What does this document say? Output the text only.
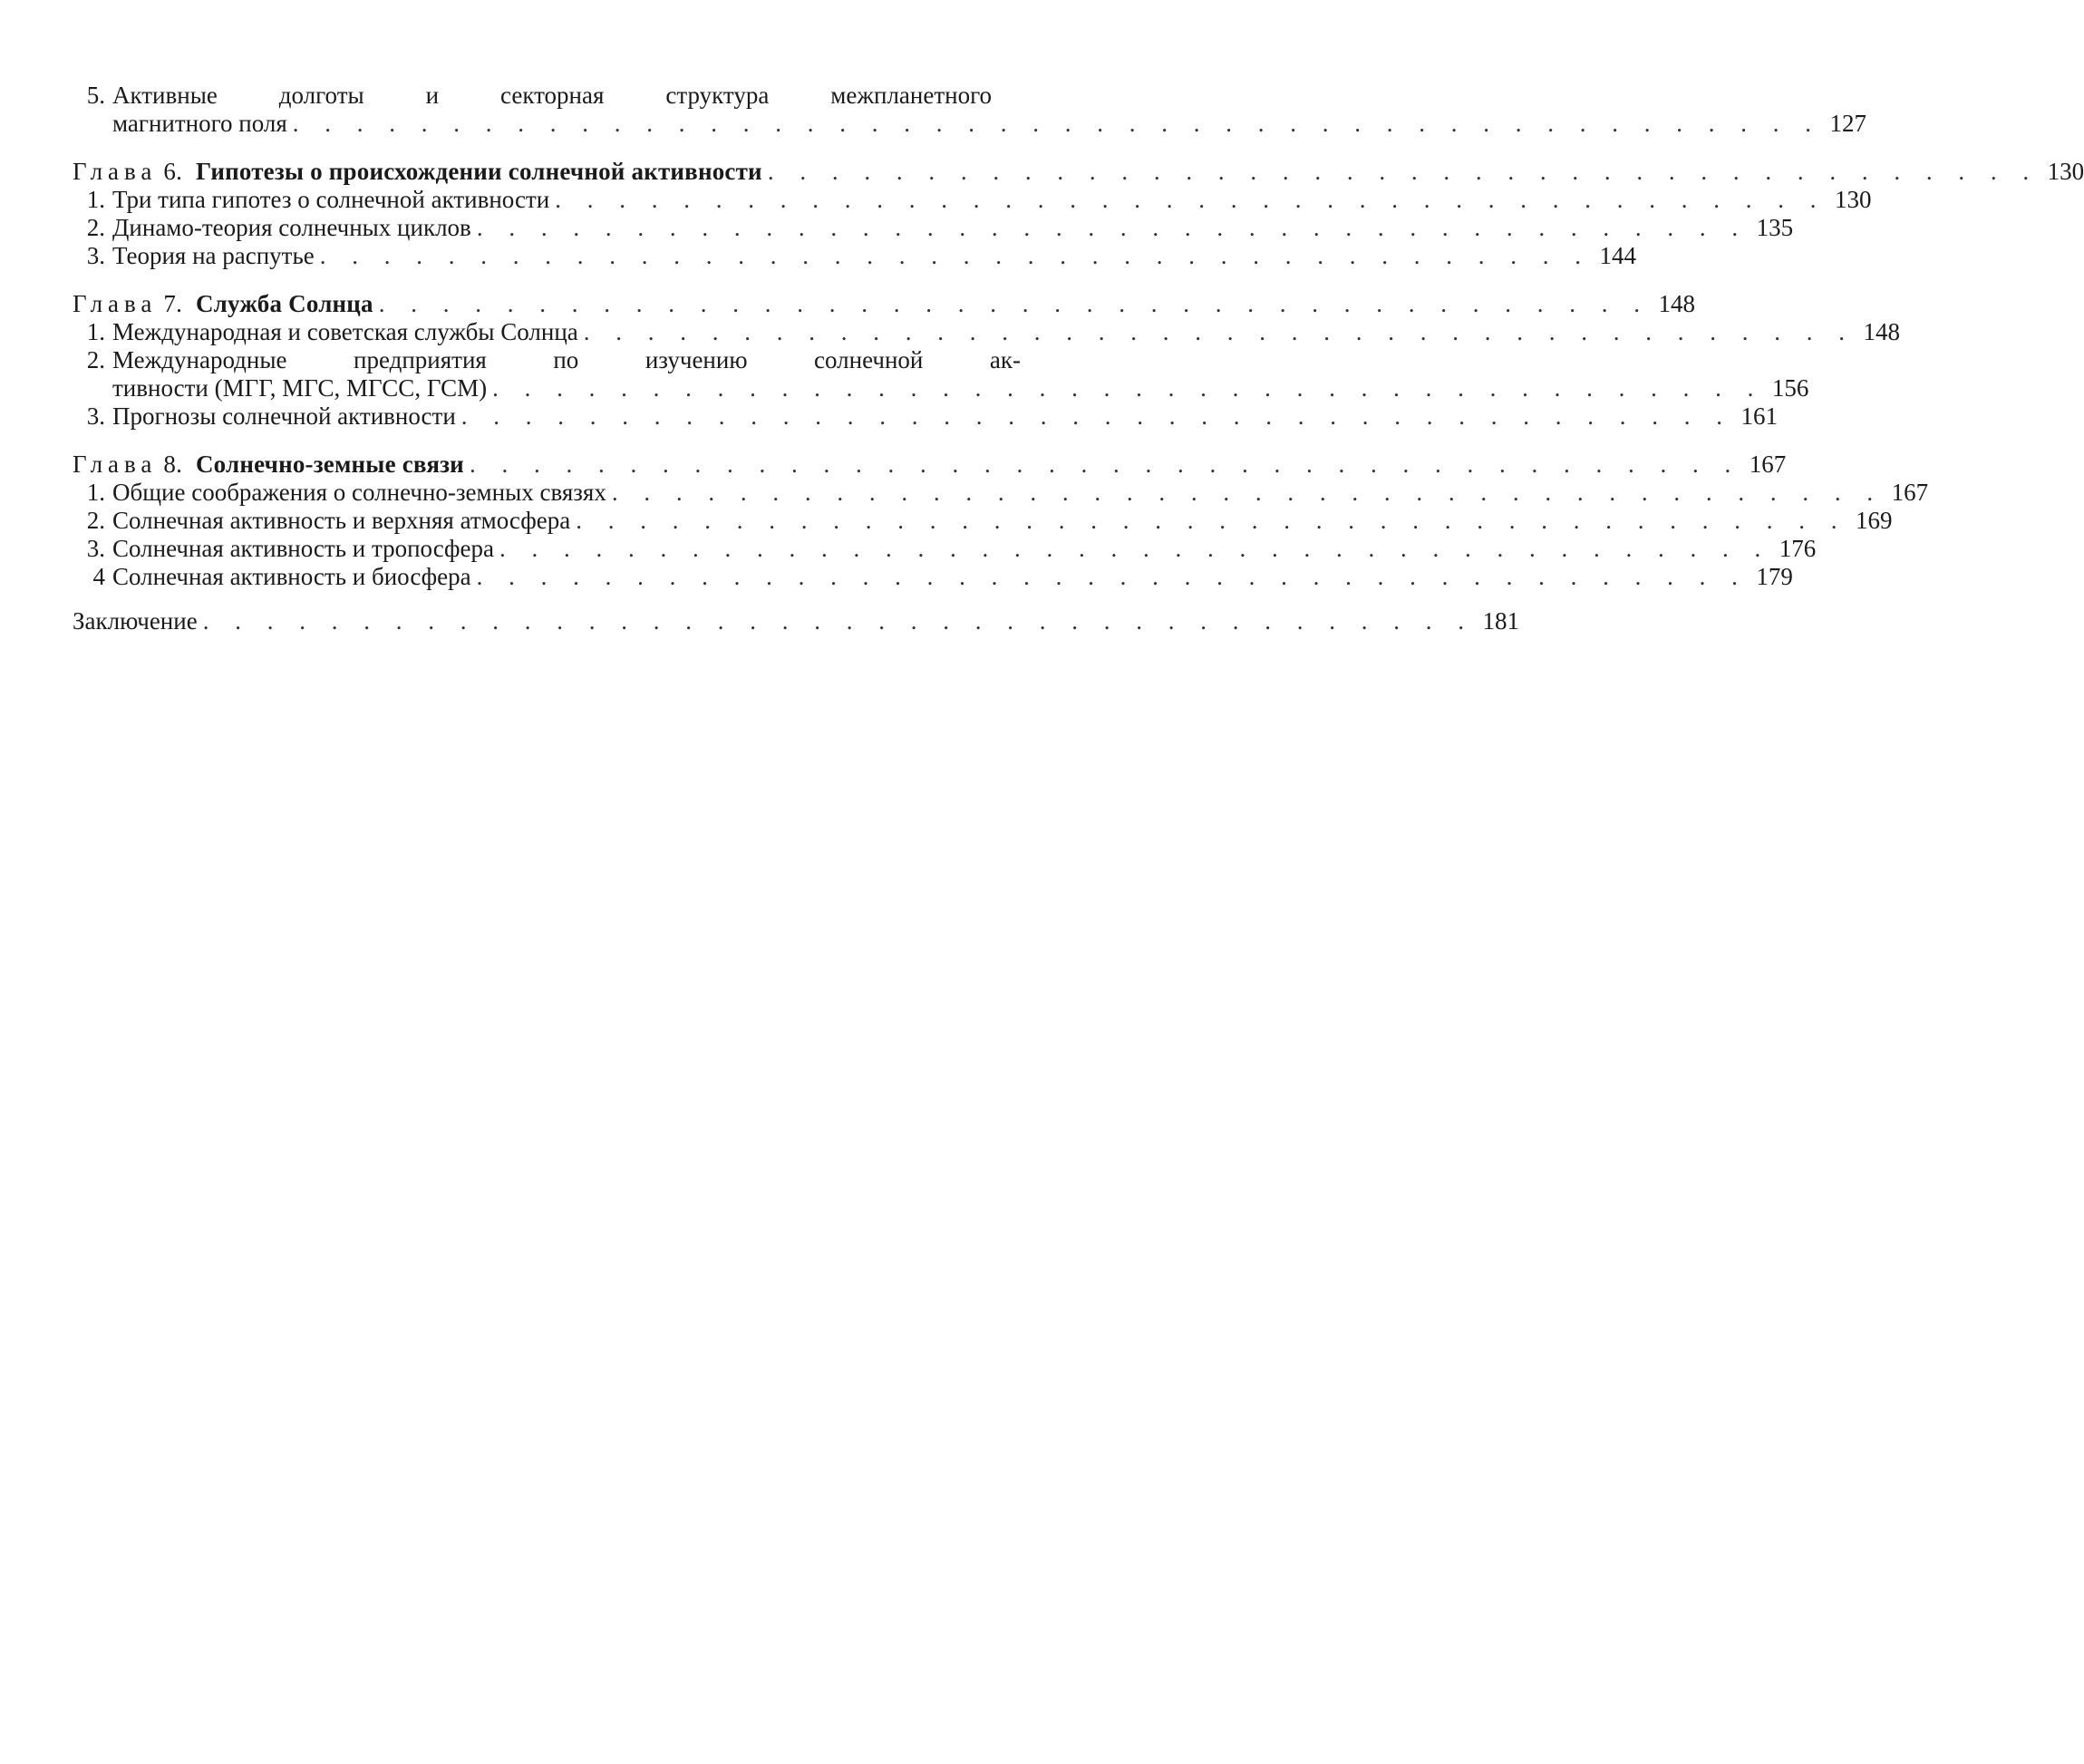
5. Активные долготы и секторная структура межпланетного
магнитного поля . . . . . . . . . . . . . . . . . . . . . . . . . . . . . . . . . . . . . . . . . . . . . . . . 127
Глава 6. Гипотезы о происхождении солнечной активности . . . . . . . . . . . . . . . . . . . . . . . . . . . . . . . . . . . . . . . . 130
1. Три типа гипотез о солнечной активности . . . . . . . . . . . . . . . . . . . . . . . . . . . . . . . . . . . . . . . . 130
2. Динамо-теория солнечных циклов . . . . . . . . . . . . . . . . . . . . . . . . . . . . . . . . . . . . . . . . 135
3. Теория на распутье . . . . . . . . . . . . . . . . . . . . . . . . . . . . . . . . . . . . . . . . 144
Глава 7. Служба Солнца . . . . . . . . . . . . . . . . . . . . . . . . . . . . . . . . . . . . . . . . 148
1. Международная и советская службы Солнца . . . . . . . . . . . . . . . . . . . . . . . . . . . . . . . . . . . . . . . . 148
2. Международные предприятия по изучению солнечной ак-
тивности (МГГ, МГС, МГСС, ГСМ) . . . . . . . . . . . . . . . . . . . . . . . . . . . . . . . . . . . . . . . . 156
3. Прогнозы солнечной активности . . . . . . . . . . . . . . . . . . . . . . . . . . . . . . . . . . . . . . . . 161
Глава 8. Солнечно-земные связи . . . . . . . . . . . . . . . . . . . . . . . . . . . . . . . . . . . . . . . . 167
1. Общие соображения о солнечно-земных связях . . . . . . . . . . . . . . . . . . . . . . . . . . . . . . . . . . . . . . . . 167
2. Солнечная активность и верхняя атмосфера . . . . . . . . . . . . . . . . . . . . . . . . . . . . . . . . . . . . . . . . 169
3. Солнечная активность и тропосфера . . . . . . . . . . . . . . . . . . . . . . . . . . . . . . . . . . . . . . . . 176
4 Солнечная активность и биосфера . . . . . . . . . . . . . . . . . . . . . . . . . . . . . . . . . . . . . . . . 179
Заключение . . . . . . . . . . . . . . . . . . . . . . . . . . . . . . . . . . . . . . . . 181
